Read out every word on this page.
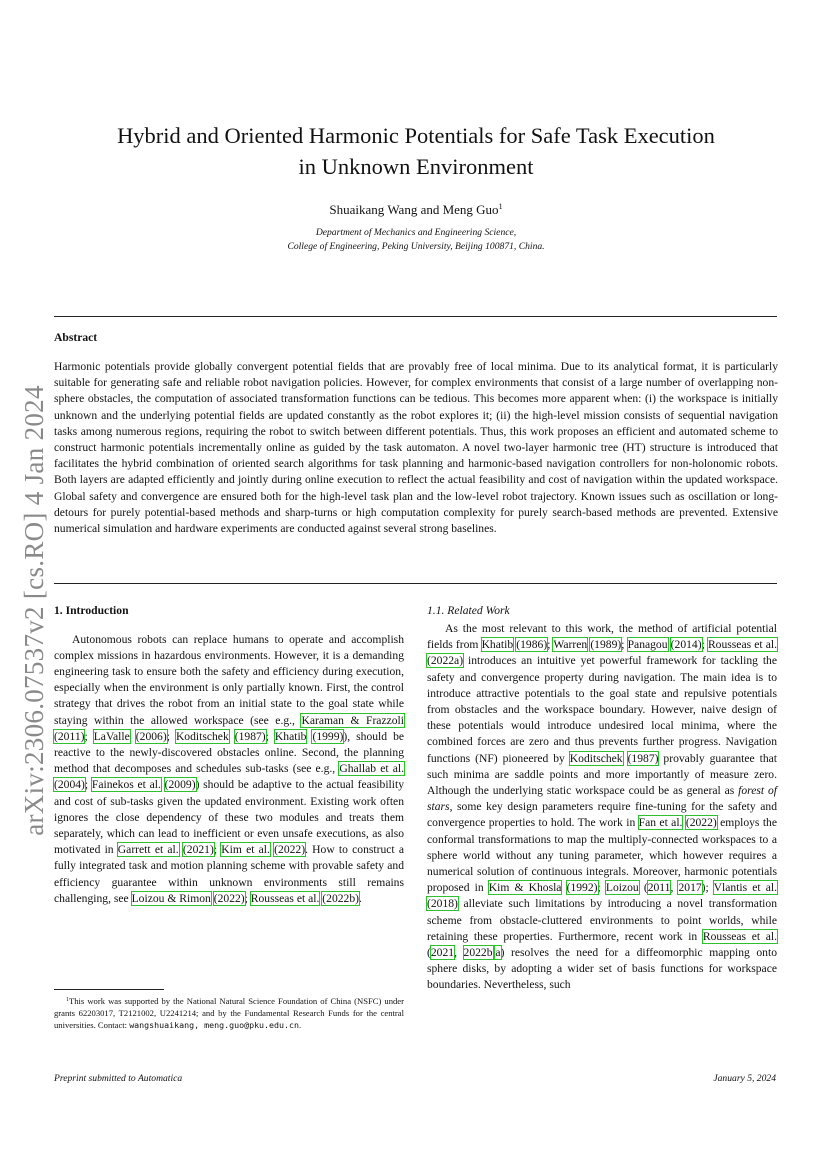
arXiv:2306.07537v2 [cs.RO] 4 Jan 2024
Hybrid and Oriented Harmonic Potentials for Safe Task Execution
in Unknown Environment
Shuaikang Wang and Meng Guo$^1$
Department of Mechanics and Engineering Science,
College of Engineering, Peking University, Beijing 100871, China.
Abstract
Harmonic potentials provide globally convergent potential fields that are provably free of local minima. Due to its analytical format, it is particularly suitable for generating safe and reliable robot navigation policies. However, for complex environments that consist of a large number of overlapping non-sphere obstacles, the computation of associated transformation functions can be tedious. This becomes more apparent when: (i) the workspace is initially unknown and the underlying potential fields are updated constantly as the robot explores it; (ii) the high-level mission consists of sequential navigation tasks among numerous regions, requiring the robot to switch between different potentials. Thus, this work proposes an efficient and automated scheme to construct harmonic potentials incrementally online as guided by the task automaton. A novel two-layer harmonic tree (HT) structure is introduced that facilitates the hybrid combination of oriented search algorithms for task planning and harmonic-based navigation controllers for non-holonomic robots. Both layers are adapted efficiently and jointly during online execution to reflect the actual feasibility and cost of navigation within the updated workspace. Global safety and convergence are ensured both for the high-level task plan and the low-level robot trajectory. Known issues such as oscillation or long-detours for purely potential-based methods and sharp-turns or high computation complexity for purely search-based methods are prevented. Extensive numerical simulation and hardware experiments are conducted against several strong baselines.
1. Introduction

Autonomous robots can replace humans to operate and accomplish complex missions in hazardous environments. However, it is a demanding engineering task to ensure both the safety and efficiency during execution, especially when the environment is only partially known. First, the control strategy that drives the robot from an initial state to the goal state while staying within the allowed workspace (see e.g., Karaman & Frazzoli (2011); LaValle (2006); Koditschek (1987); Khatib (1999)), should be reactive to the newly-discovered obstacles online. Second, the planning method that decomposes and schedules sub-tasks (see e.g., Ghallab et al. (2004); Fainekos et al. (2009)) should be adaptive to the actual feasibility and cost of sub-tasks given the updated environment. Existing work often ignores the close dependency of these two modules and treats them separately, which can lead to inefficient or even unsafe executions, as also motivated in Garrett et al. (2021); Kim et al. (2022). How to construct a fully integrated task and motion planning scheme with provable safety and efficiency guarantee within unknown environments still remains challenging, see Loizou & Rimon (2022); Rousseas et al. (2022b).

$^1$This work was supported by the National Natural Science Foundation of China (NSFC) under grants 62203017, T2121002, U2241214; and by the Fundamental Research Funds for the central universities. Contact: wangshuaikang, meng.guo@pku.edu.cn.
1.1. Related Work

As the most relevant to this work, the method of artificial potential fields from Khatib (1986); Warren (1989); Panagou (2014); Rousseas et al. (2022a) introduces an intuitive yet powerful framework for tackling the safety and convergence property during navigation. The main idea is to introduce attractive potentials to the goal state and repulsive potentials from obstacles and the workspace boundary. However, naive design of these potentials would introduce undesired local minima, where the combined forces are zero and thus prevents further progress. Navigation functions (NF) pioneered by Koditschek (1987) provably guarantee that such minima are saddle points and more importantly of measure zero. Although the underlying static workspace could be as general as forest of stars, some key design parameters require fine-tuning for the safety and convergence properties to hold. The work in Fan et al. (2022) employs the conformal transformations to map the multiply-connected workspaces to a sphere world without any tuning parameter, which however requires a numerical solution of continuous integrals. Moreover, harmonic potentials proposed in Kim & Khosla (1992); Loizou (2011, 2017); Vlantis et al. (2018) alleviate such limitations by introducing a novel transformation scheme from obstacle-cluttered environments to point worlds, while retaining these properties. Furthermore, recent work in Rousseas et al. (2021, 2022b,a) resolves the need for a diffeomorphic mapping onto sphere disks, by adopting a wider set of basis functions for workspace boundaries. Nevertheless, such

Preprint submitted to Automatica	January 5, 2024
